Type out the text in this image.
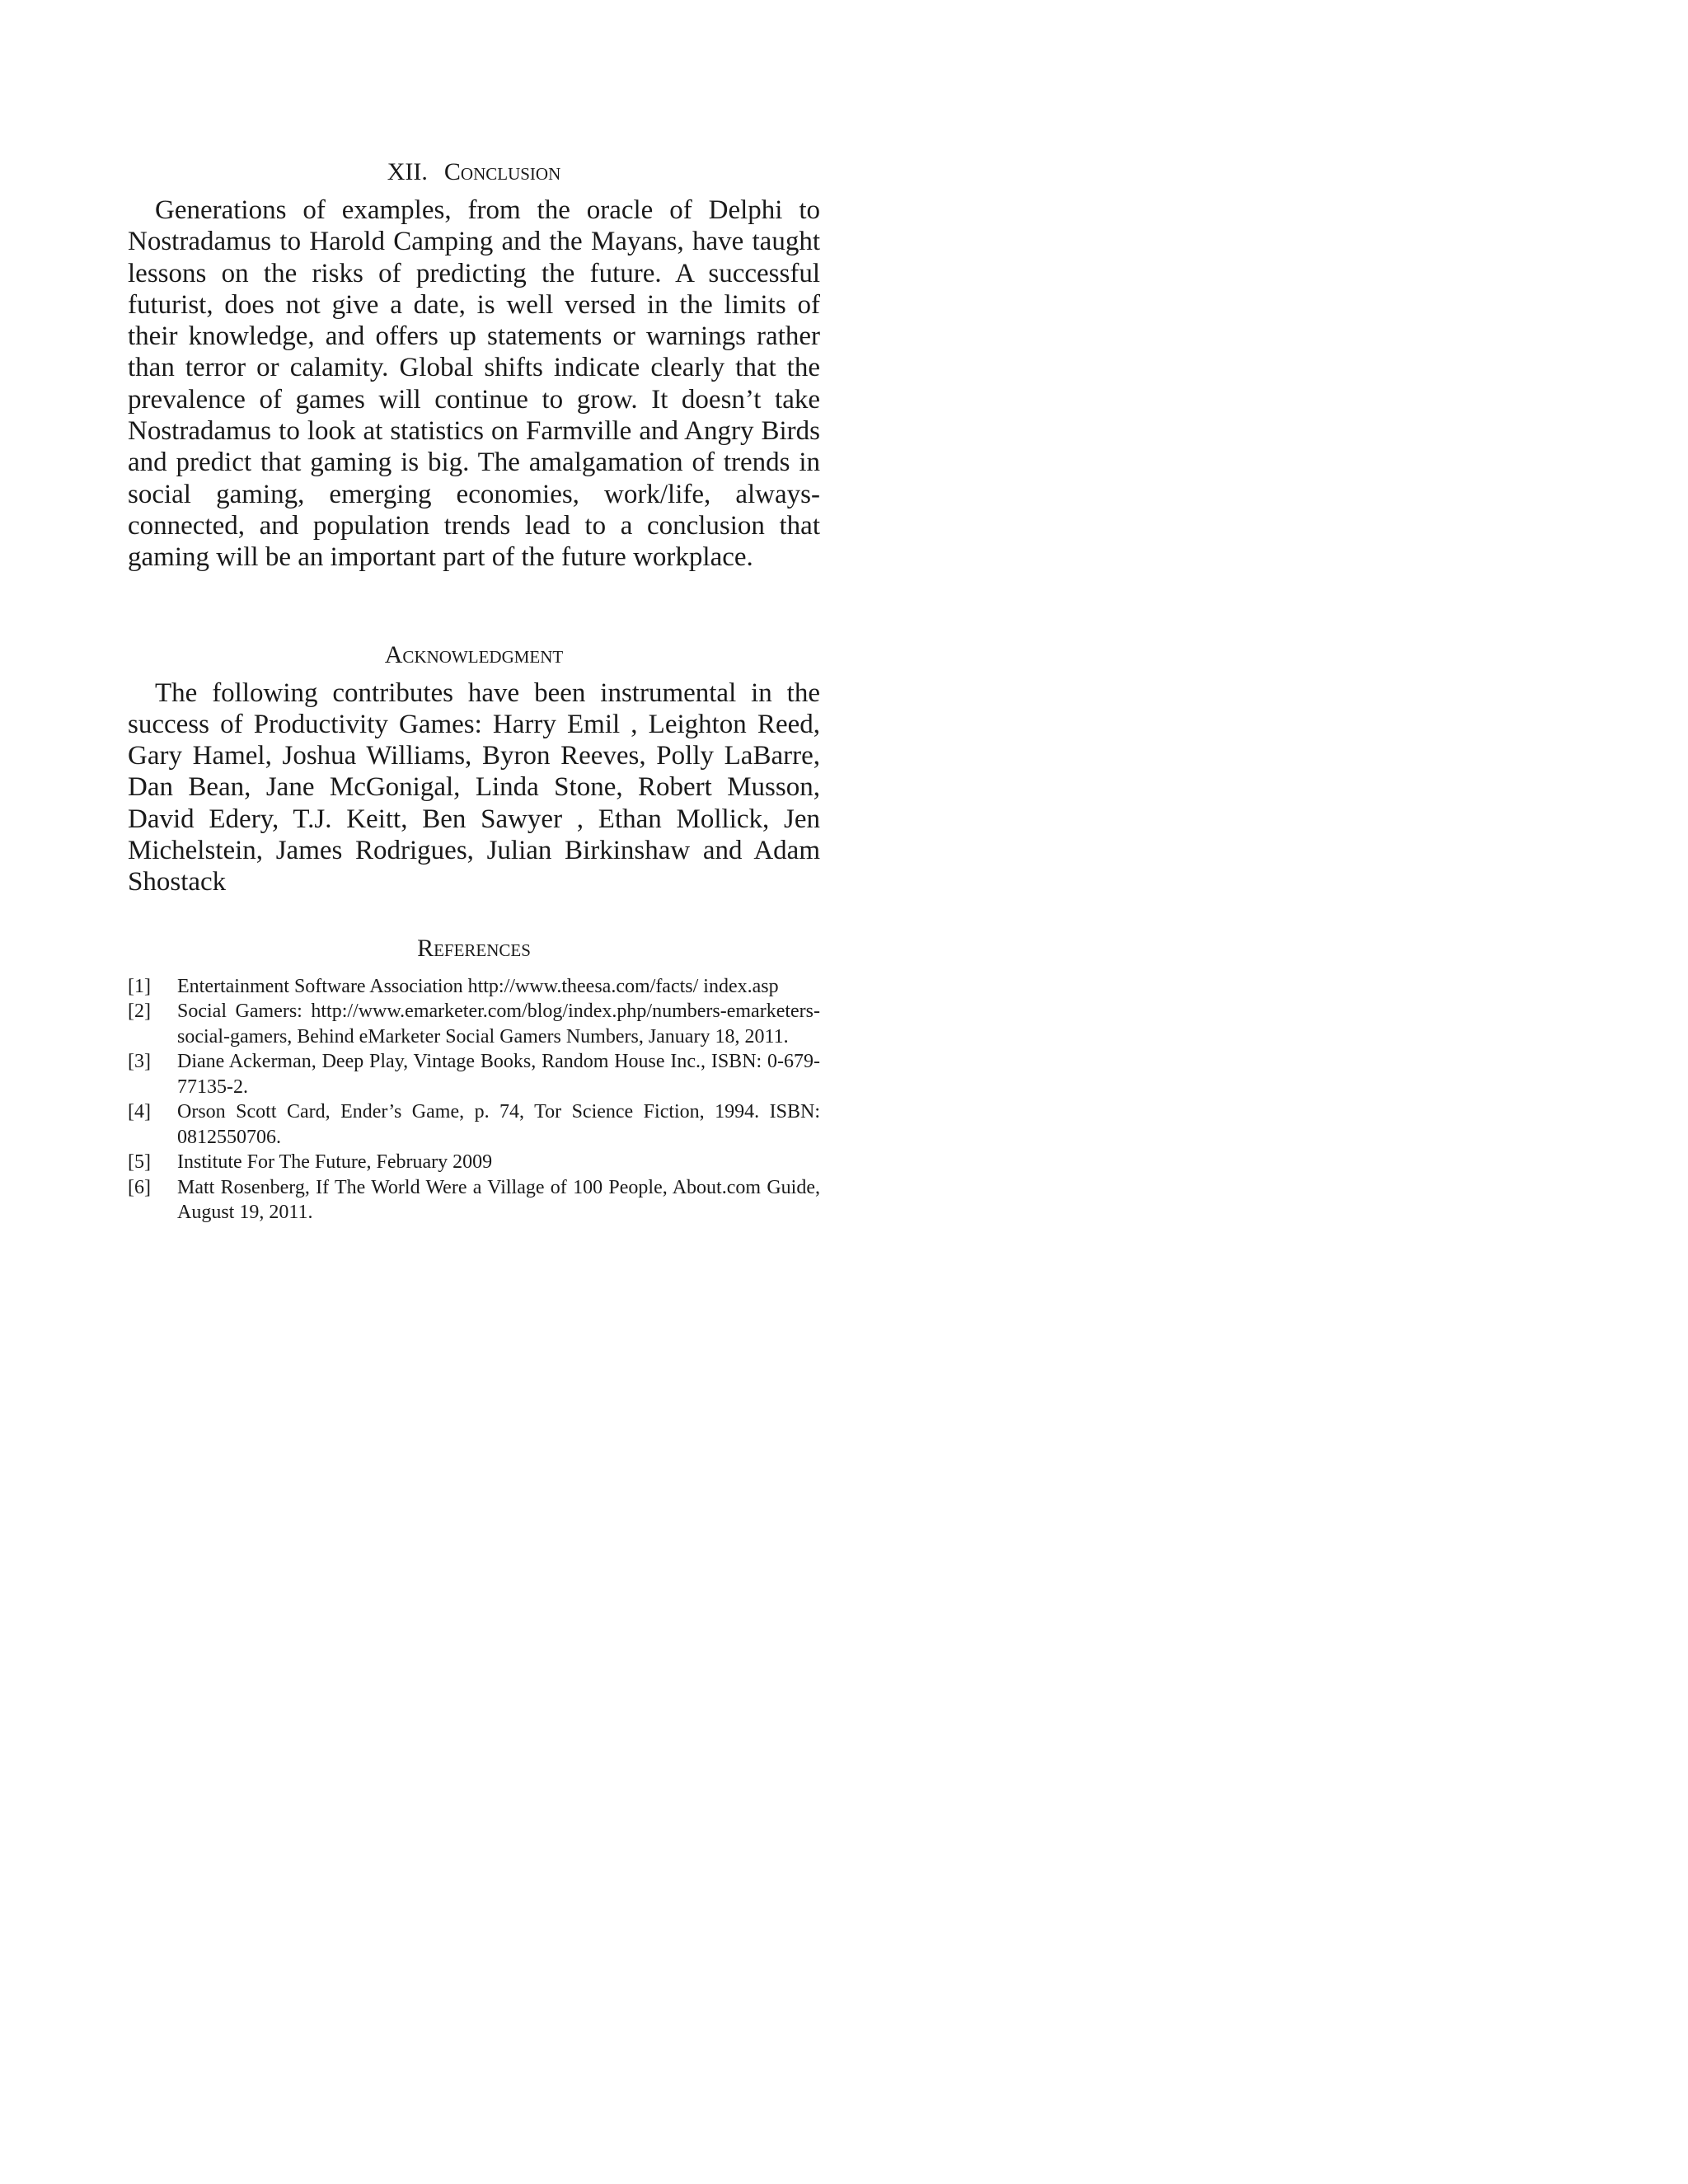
XII. Conclusion

Generations of examples, from the oracle of Delphi to Nostradamus to Harold Camping and the Mayans, have taught lessons on the risks of predicting the future. A successful futurist, does not give a date, is well versed in the limits of their knowledge, and offers up statements or warnings rather than terror or calamity. Global shifts indicate clearly that the prevalence of games will continue to grow. It doesn’t take Nostradamus to look at statistics on Farmville and Angry Birds and predict that gaming is big. The amalgamation of trends in social gaming, emerging economies, work/life, always-connected, and population trends lead to a conclusion that gaming will be an important part of the future workplace.

Acknowledgment

The following contributes have been instrumental in the success of Productivity Games: Harry Emil , Leighton Reed, Gary Hamel, Joshua Williams, Byron Reeves, Polly LaBarre, Dan Bean, Jane McGonigal, Linda Stone, Robert Musson, David Edery, T.J. Keitt, Ben Sawyer , Ethan Mollick, Jen Michelstein, James Rodrigues, Julian Birkinshaw and Adam Shostack

References
[1]	Entertainment Software Association http://www.theesa.com/facts/ index.asp
[2]	Social Gamers: http://www.emarketer.com/blog/index.php/numbers-emarketers-social-gamers, Behind eMarketer Social Gamers Numbers, January 18, 2011.
[3]	Diane Ackerman, Deep Play, Vintage Books, Random House Inc., ISBN: 0-679-77135-2.
[4]	Orson Scott Card, Ender’s Game, p. 74, Tor Science Fiction, 1994. ISBN: 0812550706.
[5]	Institute For The Future, February 2009
[6]	Matt Rosenberg, If The World Were a Village of 100 People, About.com Guide, August 19, 2011.
